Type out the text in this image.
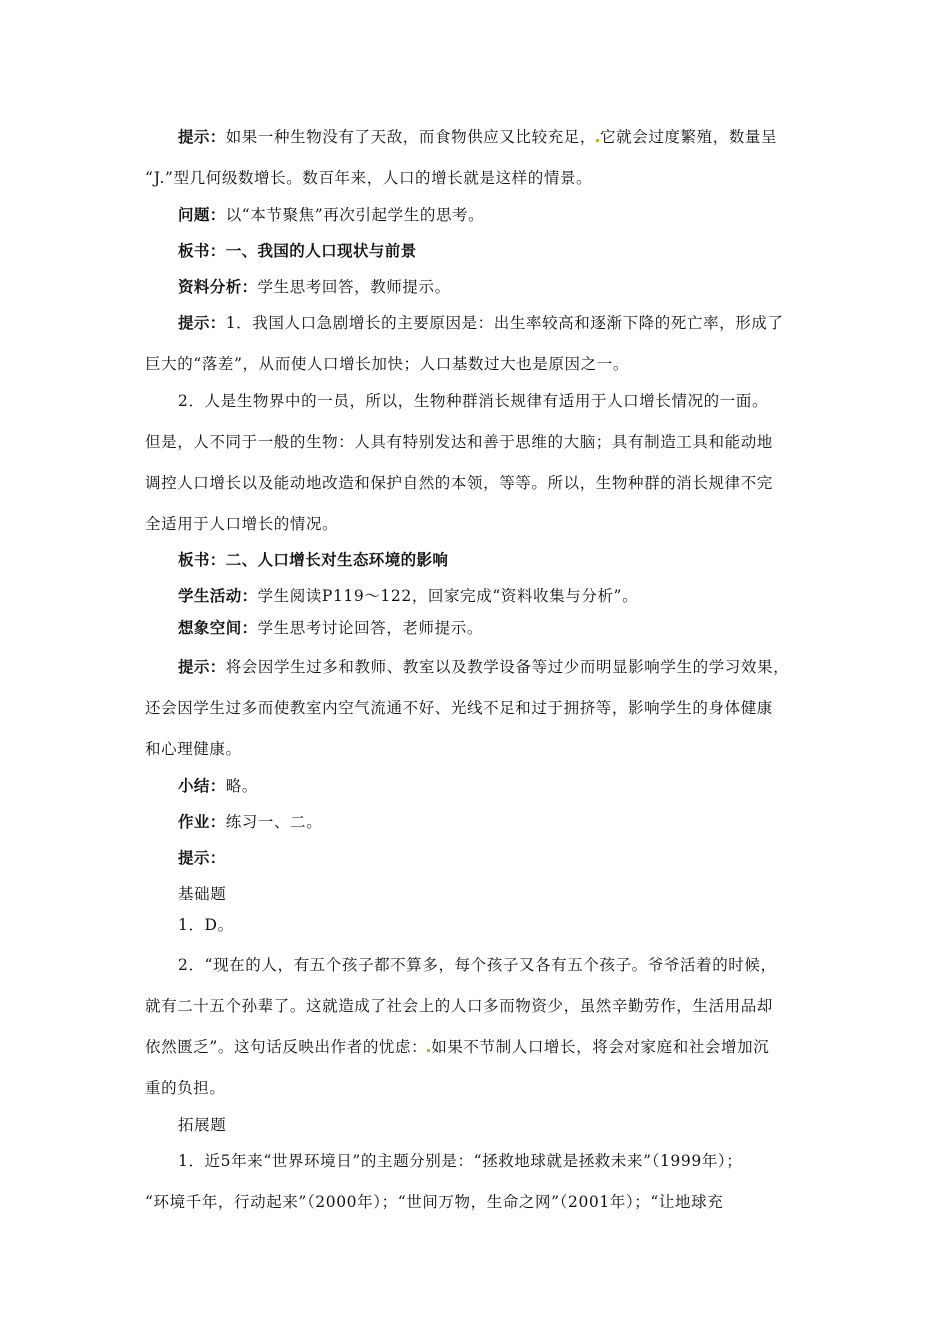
提示：如果一种生物没有了天敌，而食物供应又比较充足， 它就会过度繁殖，数量呈
“J.”型几何级数增长。数百年来，人口的增长就是这样的情景。
问题：以“本节聚焦”再次引起学生的思考。
板书：一、我国的人口现状与前景
资料分析：学生思考回答，教师提示。
提示：1．我国人口急剧增长的主要原因是：出生率较高和逐渐下降的死亡率，形成了
巨大的“落差”，从而使人口增长加快；人口基数过大也是原因之一。
2．人是生物界中的一员，所以，生物种群消长规律有适用于人口增长情况的一面。
但是，人不同于一般的生物：人具有特别发达和善于思维的大脑；具有制造工具和能动地
调控人口增长以及能动地改造和保护自然的本领，等等。所以，生物种群的消长规律不完
全适用于人口增长的情况。
板书：二、人口增长对生态环境的影响
学生活动：学生阅读P119～122，回家完成“资料收集与分析”。
想象空间：学生思考讨论回答，老师提示。
提示：将会因学生过多和教师、教室以及教学设备等过少而明显影响学生的学习效果，
还会因学生过多而使教室内空气流通不好、光线不足和过于拥挤等，影响学生的身体健康
和心理健康。
小结：略。
作业：练习一、二。
提示：
基础题
1．D。
2．“现在的人，有五个孩子都不算多，每个孩子又各有五个孩子。爷爷活着的时候，
就有二十五个孙辈了。这就造成了社会上的人口多而物资少，虽然辛勤劳作，生活用品却
依然匮乏”。这句话反映出作者的忧虑： 如果不节制人口增长，将会对家庭和社会增加沉
重的负担。
拓展题
1．近5年来“世界环境日”的主题分别是：“拯救地球就是拯救未来”（1999年）；
“环境千年，行动起来”（2000年）；“世间万物，生命之网”（2001年）；“让地球充
